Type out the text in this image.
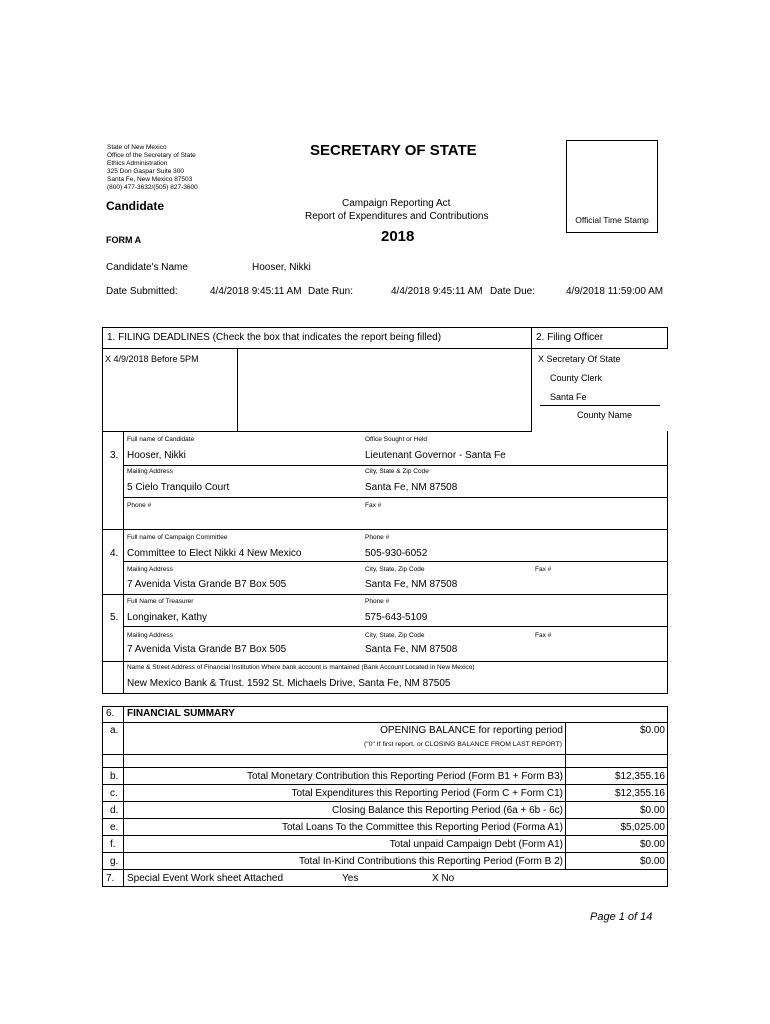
State of New Mexico
Office of the Secretary of State
Ethics Administration
325 Don Gaspar Suite 300
Santa Fe, New Mexico 87503
(800) 477-3632/(505) 827-3600
SECRETARY OF STATE
Candidate	Campaign Reporting Act
Report of Expenditures and Contributions
2018
FORM A
Official Time Stamp
Candidate's Name	Hooser, Nikki
Date Submitted:	4/4/2018 9:45:11 AM Date Run:	4/4/2018 9:45:11 AM Date Due:	4/9/2018 11:59:00 AM
1. FILING DEADLINES (Check the box that indicates the report being filled)	2. Filing Officer
X 4/9/2018 Before 5PM	X Secretary Of State
County Clerk
Santa Fe
County Name
Full name of Candidate	Office Sought or Held
3. Hooser, Nikki	Lieutenant Governor - Santa Fe
Mailing Address	City, State & Zip Code
5 Cielo Tranquilo Court	Santa Fe, NM 87508
Phone #	Fax #
Full name of Campaign Committee	Phone #
4. Committee to Elect Nikki 4 New Mexico	505-930-6052
Mailing Address	City, State, Zip Code	Fax #
7 Avenida Vista Grande B7 Box 505	Santa Fe, NM 87508
Full Name of Treasurer	Phone #
5. Longinaker, Kathy	575-643-5109
Mailing Address	City, State, Zip Code	Fax #
7 Avenida Vista Grande B7 Box 505	Santa Fe, NM 87508
Name & Street Address of Financial Institution Where bank account is mantained (Bank Account Located in New Mexico)
New Mexico Bank & Trust. 1592 St. Michaels Drive, Santa Fe, NM 87505
6. FINANCIAL SUMMARY
a.	OPENING BALANCE for reporting period
("0" If first report, or CLOSING BALANCE FROM LAST REPORT)
$0.00
b.	Total Monetary Contribution this Reporting Period (Form B1 + Form B3)	$12,355.16
c.	Total Expenditures this Reporting Period (Form C + Form C1)	$12,355.16
d.	Closing Balance this Reporting Period (6a + 6b - 6c)	$0.00
e.	Total Loans To the Committee this Reporting Period (Forma A1)	$5,025.00
f.	Total unpaid Campaign Debt (Form A1)	$0.00
g.	Total In-Kind Contributions this Reporting Period (Form B 2)	$0.00
7. Special Event Work sheet Attached	Yes	X No
Page 1 of 14
